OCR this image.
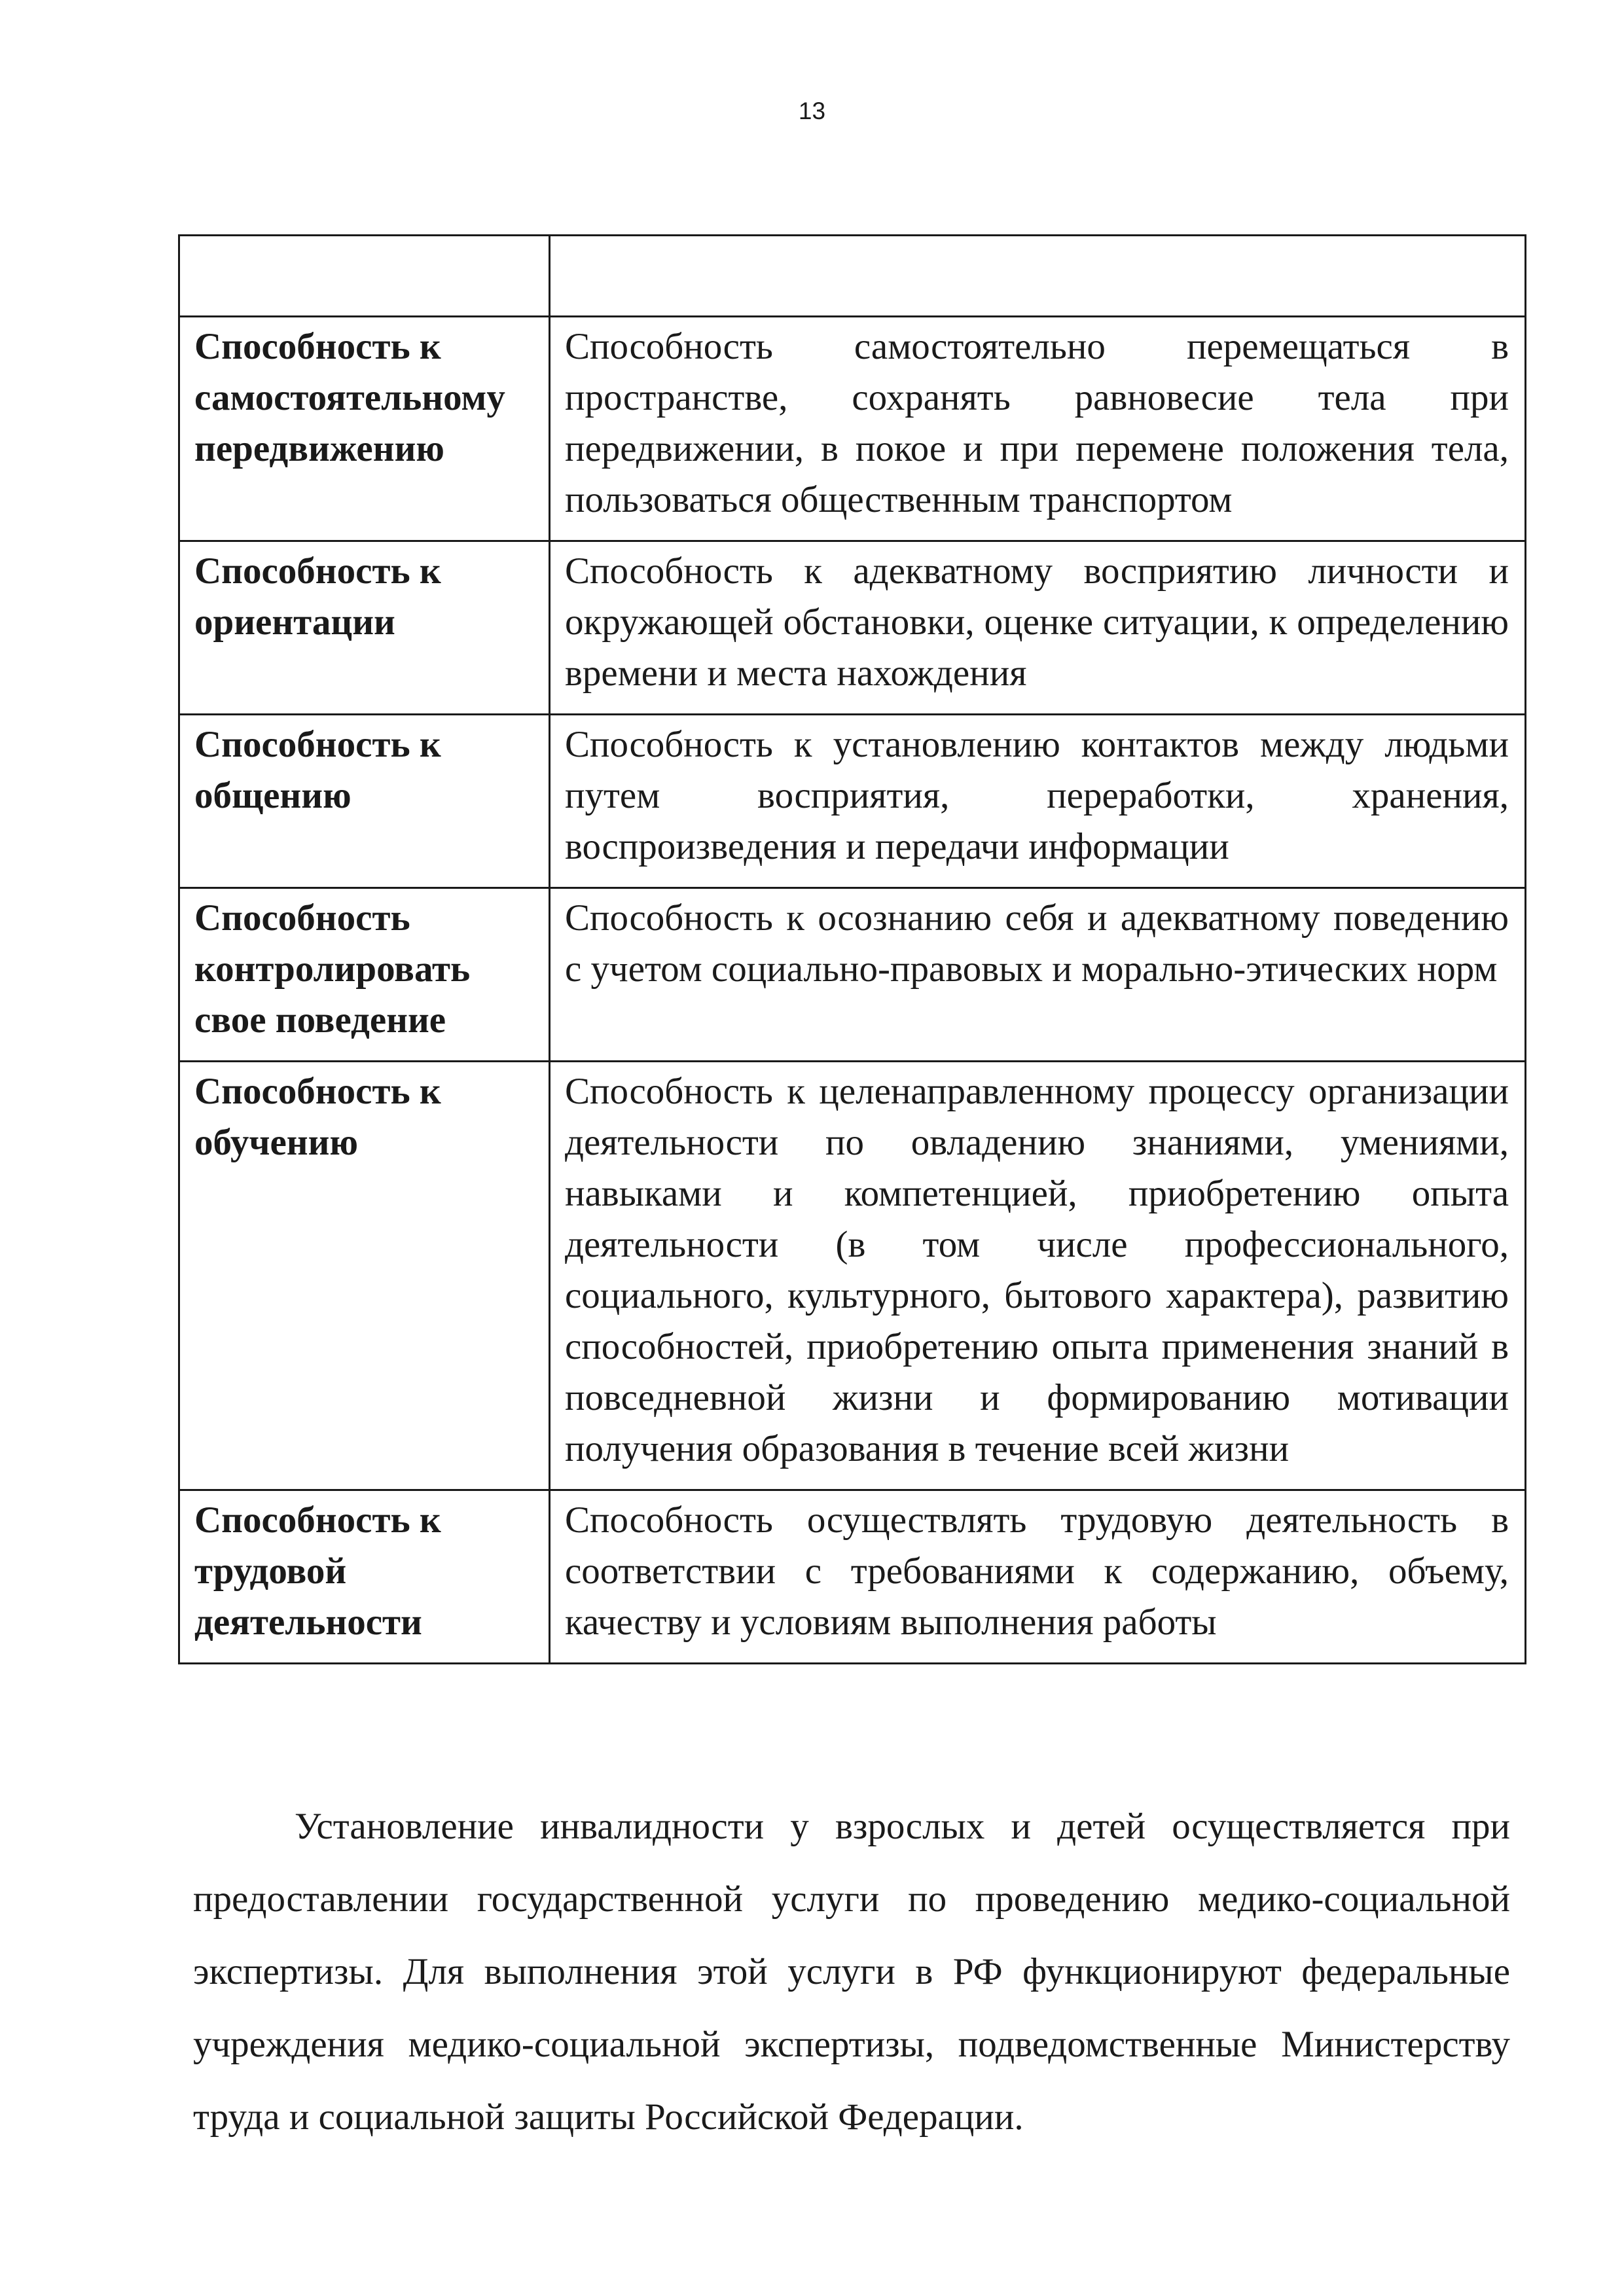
13

Способность к самостоятельному передвижению	Способность самостоятельно перемещаться в пространстве, сохранять равновесие тела при передвижении, в покое и при перемене положения тела, пользоваться общественным транспортом
Способность к ориентации	Способность к адекватному восприятию личности и окружающей обстановки, оценке ситуации, к определению времени и места нахождения
Способность к общению	Способность к установлению контактов между людьми путем восприятия, переработки, хранения, воспроизведения и передачи информации
Способность контролировать свое поведение	Способность к осознанию себя и адекватному поведению с учетом социально-правовых и морально-этических норм
Способность к обучению	Способность к целенаправленному процессу организации деятельности по овладению знаниями, умениями, навыками и компетенцией, приобретению опыта деятельности (в том числе профессионального, социального, культурного, бытового характера), развитию способностей, приобретению опыта применения знаний в повседневной жизни и формированию мотивации получения образования в течение всей жизни
Способность к трудовой деятельности	Способность осуществлять трудовую деятельность в соответствии с требованиями к содержанию, объему, качеству и условиям выполнения работы

Установление инвалидности у взрослых и детей осуществляется при предоставлении государственной услуги по проведению медико-социальной экспертизы. Для выполнения этой услуги в РФ функционируют федеральные учреждения медико-социальной экспертизы, подведомственные Министерству труда и социальной защиты Российской Федерации.
